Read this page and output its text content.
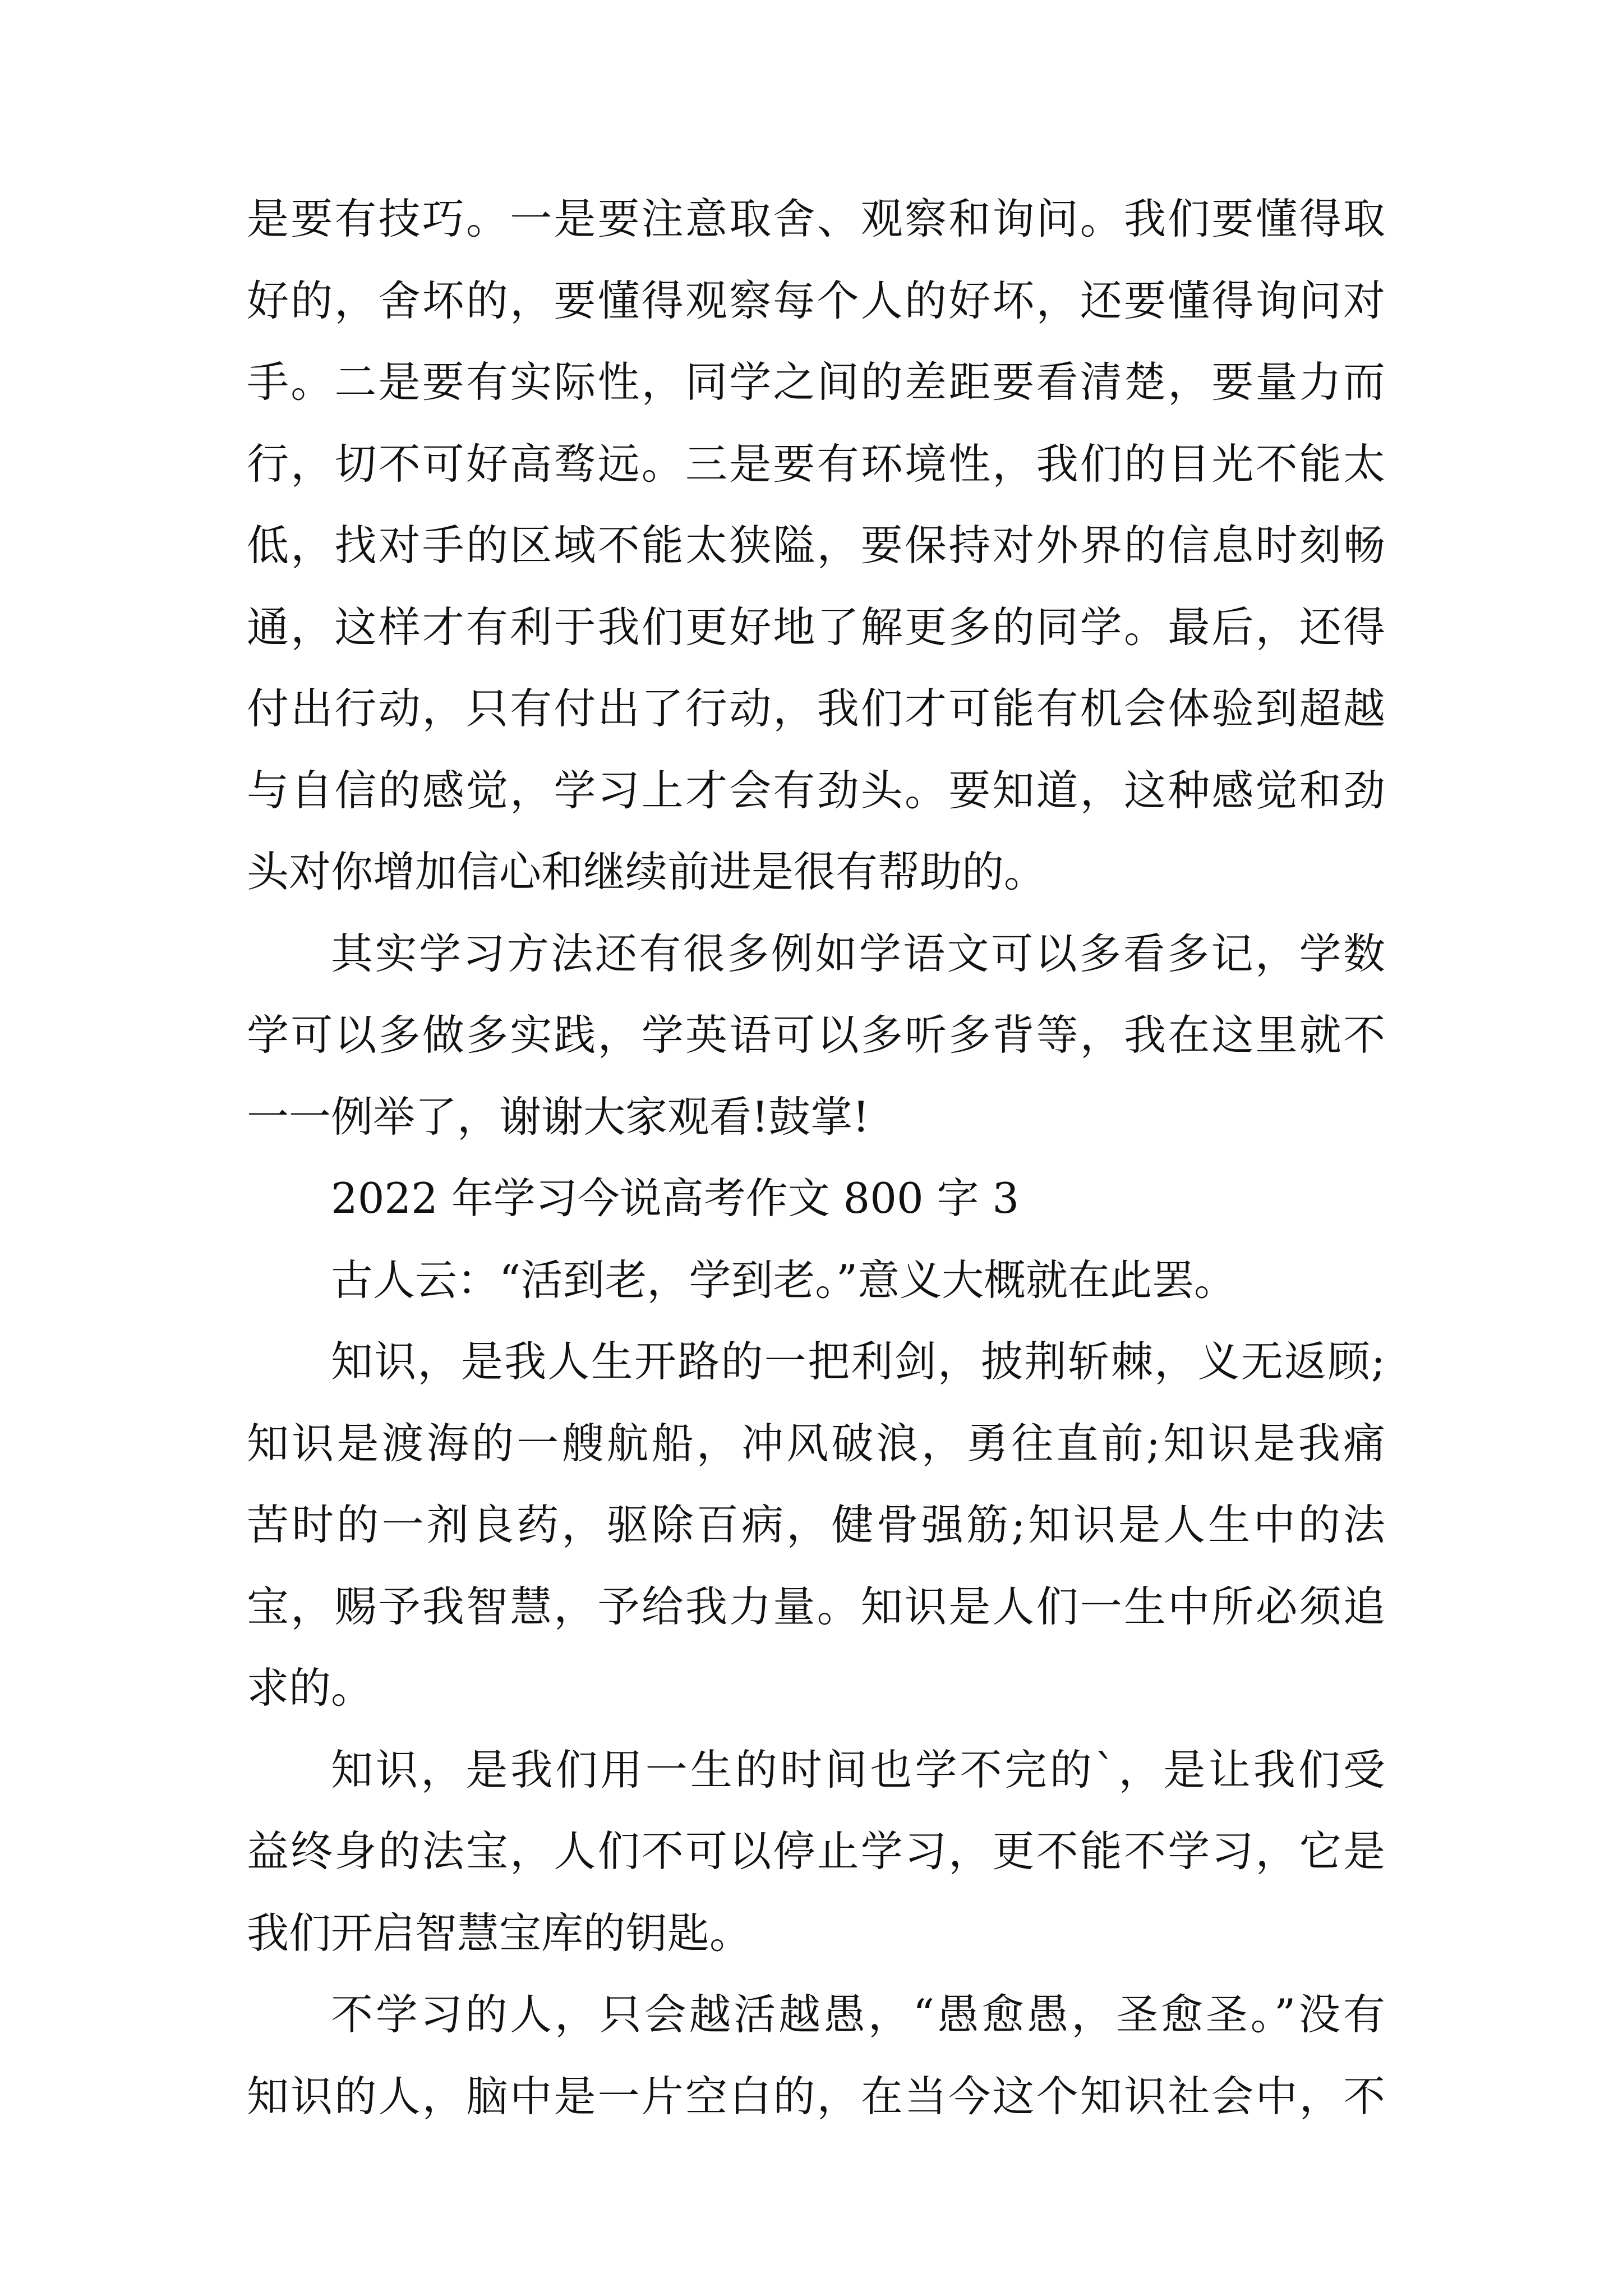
是要有技巧。一是要注意取舍、观察和询问。我们要懂得取
好的，舍坏的，要懂得观察每个人的好坏，还要懂得询问对
手。二是要有实际性，同学之间的差距要看清楚，要量力而
行，切不可好高骛远。三是要有环境性，我们的目光不能太
低，找对手的区域不能太狭隘，要保持对外界的信息时刻畅
通，这样才有利于我们更好地了解更多的同学。最后，还得
付出行动，只有付出了行动，我们才可能有机会体验到超越
与自信的感觉，学习上才会有劲头。要知道，这种感觉和劲
头对你增加信心和继续前进是很有帮助的。
其实学习方法还有很多例如学语文可以多看多记，学数
学可以多做多实践，学英语可以多听多背等，我在这里就不
一一例举了，谢谢大家观看!鼓掌!
2022 年学习今说高考作文 800 字 3
古人云：“活到老，学到老。”意义大概就在此罢。
知识，是我人生开路的一把利剑，披荆斩棘，义无返顾;
知识是渡海的一艘航船，冲风破浪，勇往直前;知识是我痛
苦时的一剂良药，驱除百病，健骨强筋;知识是人生中的法
宝，赐予我智慧，予给我力量。知识是人们一生中所必须追
求的。
知识，是我们用一生的时间也学不完的`，是让我们受
益终身的法宝，人们不可以停止学习，更不能不学习，它是
我们开启智慧宝库的钥匙。
不学习的人，只会越活越愚，“愚愈愚，圣愈圣。”没有
知识的人，脑中是一片空白的，在当今这个知识社会中，不
